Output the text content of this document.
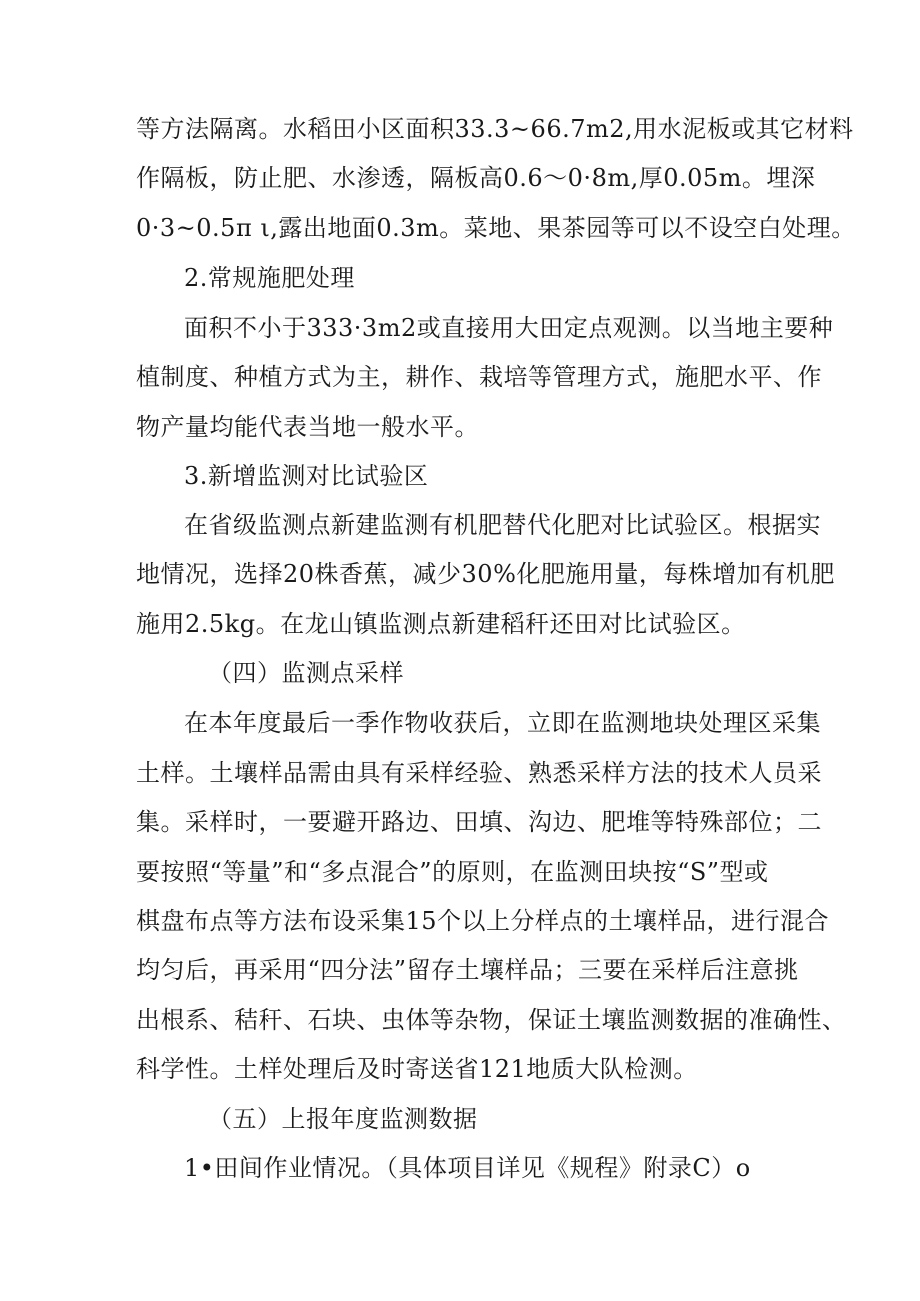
等方法隔离。水稻田小区面积33.3~66.7m2,用水泥板或其它材料
作隔板，防止肥、水渗透，隔板高0.6～0·8m,厚0.05m。埋深
0·3~0.5π ι,露出地面0.3m。菜地、果茶园等可以不设空白处理。
2.常规施肥处理
面积不小于333·3m2或直接用大田定点观测。以当地主要种
植制度、种植方式为主，耕作、栽培等管理方式，施肥水平、作
物产量均能代表当地一般水平。
3.新增监测对比试验区
在省级监测点新建监测有机肥替代化肥对比试验区。根据实
地情况，选择20株香蕉，减少30%化肥施用量，每株增加有机肥
施用2.5kg。在龙山镇监测点新建稻秆还田对比试验区。
（四）监测点采样
在本年度最后一季作物收获后，立即在监测地块处理区采集
土样。土壤样品需由具有采样经验、熟悉采样方法的技术人员采
集。采样时，一要避开路边、田填、沟边、肥堆等特殊部位；二
要按照“等量”和“多点混合”的原则，在监测田块按“S”型或
棋盘布点等方法布设采集15个以上分样点的土壤样品，进行混合
均匀后，再采用“四分法”留存土壤样品；三要在采样后注意挑
出根系、秸秆、石块、虫体等杂物，保证土壤监测数据的准确性、
科学性。土样处理后及时寄送省121地质大队检测。
（五）上报年度监测数据
1•田间作业情况。（具体项目详见《规程》附录C）o
